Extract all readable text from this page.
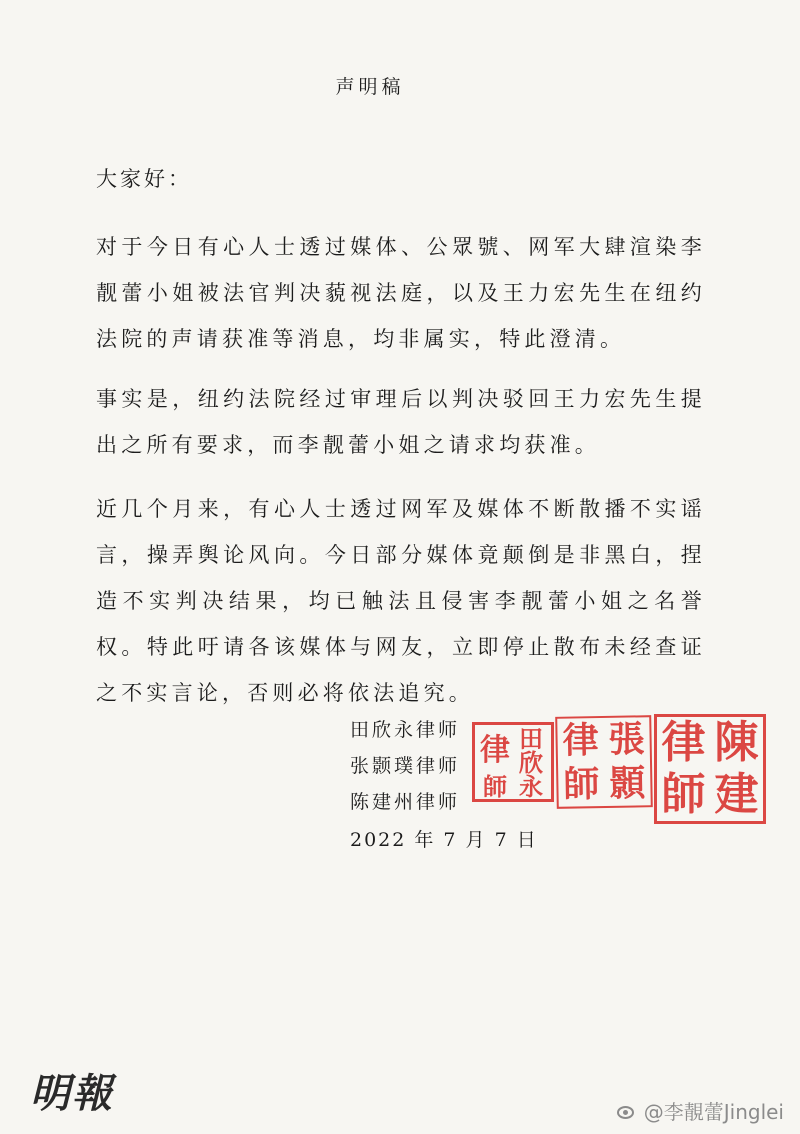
声明稿
大家好：
对于今日有心人士透过媒体、公眾號、网军大肆渲染李靓蕾小姐被法官判决藐视法庭，以及王力宏先生在纽约法院的声请获准等消息，均非属实，特此澄清。
事实是，纽约法院经过审理后以判决驳回王力宏先生提出之所有要求，而李靓蕾小姐之请求均获准。
近几个月来，有心人士透过网军及媒体不断散播不实谣言，操弄舆论风向。今日部分媒体竟颠倒是非黑白，捏造不实判决结果，均已触法且侵害李靓蕾小姐之名誉权。特此吁请各该媒体与网友，立即停止散布未经查证之不实言论，否则必将依法追究。
田欣永律师
张颢璞律师
陈建州律师
2022 年 7 月 7 日
律
師
田
欣
永
律
師
張
顥
律
師
陳
建
明報	@李靚蕾Jinglei
